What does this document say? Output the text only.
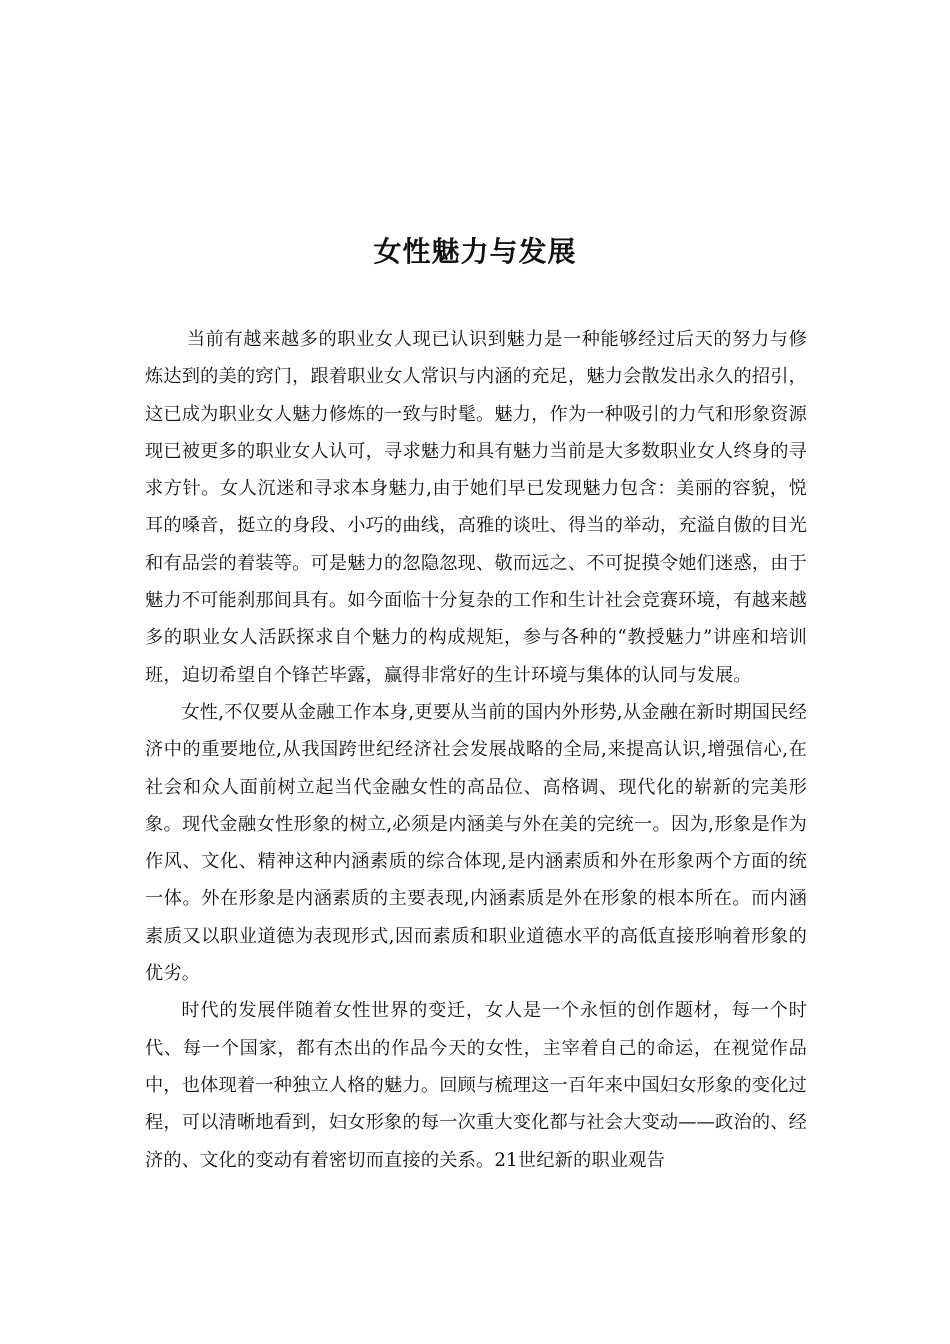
女性魅力与发展

当前有越来越多的职业女人现已认识到魅力是一种能够经过后天的努力与修炼达到的美的窍门，跟着职业女人常识与内涵的充足，魅力会散发出永久的招引，这已成为职业女人魅力修炼的一致与时髦。魅力，作为一种吸引的力气和形象资源现已被更多的职业女人认可，寻求魅力和具有魅力当前是大多数职业女人终身的寻求方针。女人沉迷和寻求本身魅力,由于她们早已发现魅力包含：美丽的容貌，悦耳的嗓音，挺立的身段、小巧的曲线，高雅的谈吐、得当的举动，充溢自傲的目光和有品尝的着装等。可是魅力的忽隐忽现、敬而远之、不可捉摸令她们迷惑，由于魅力不可能刹那间具有。如今面临十分复杂的工作和生计社会竞赛环境，有越来越多的职业女人活跃探求自个魅力的构成规矩，参与各种的“教授魅力”讲座和培训班，迫切希望自个锋芒毕露，赢得非常好的生计环境与集体的认同与发展。

女性,不仅要从金融工作本身,更要从当前的国内外形势,从金融在新时期国民经济中的重要地位,从我国跨世纪经济社会发展战略的全局,来提高认识,增强信心,在社会和众人面前树立起当代金融女性的高品位、高格调、现代化的崭新的完美形象。现代金融女性形象的树立,必须是内涵美与外在美的完统一。因为,形象是作为作风、文化、精神这种内涵素质的综合体现,是内涵素质和外在形象两个方面的统一体。外在形象是内涵素质的主要表现,内涵素质是外在形象的根本所在。而内涵素质又以职业道德为表现形式,因而素质和职业道德水平的高低直接形响着形象的优劣。

时代的发展伴随着女性世界的变迁，女人是一个永恒的创作题材，每一个时代、每一个国家，都有杰出的作品今天的女性，主宰着自己的命运，在视觉作品中，也体现着一种独立人格的魅力。回顾与梳理这一百年来中国妇女形象的变化过程，可以清晰地看到，妇女形象的每一次重大变化都与社会大变动——政治的、经济的、文化的变动有着密切而直接的关系。21世纪新的职业观告
